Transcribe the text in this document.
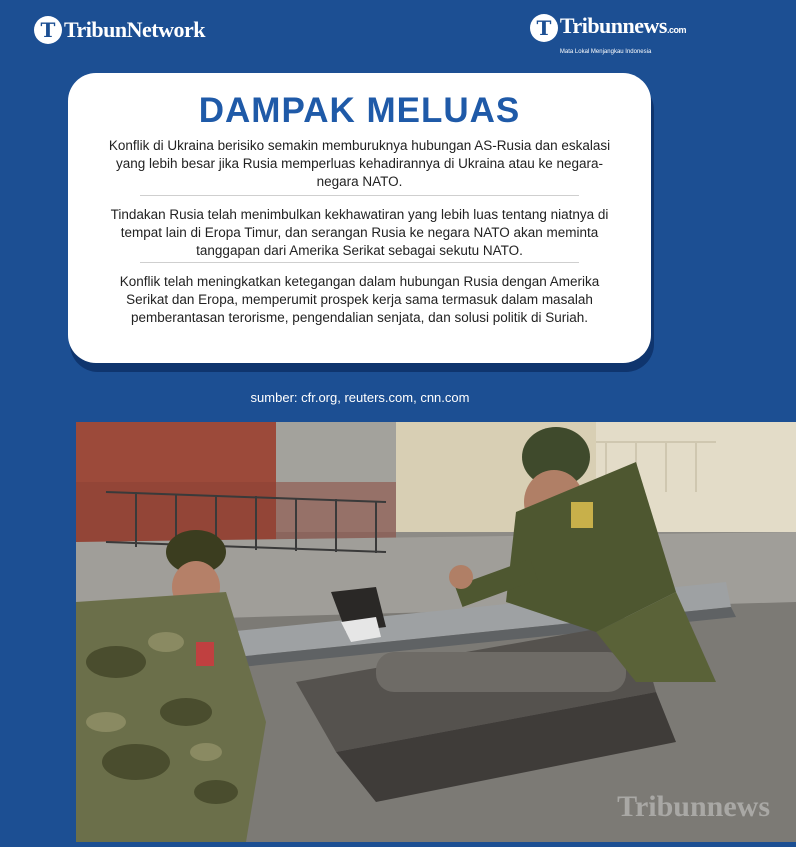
T TribunNetwork	T Tribunnews.com
Mata Lokal Menjangkau Indonesia
DAMPAK MELUAS

Konflik di Ukraina berisiko semakin memburuknya hubungan AS-Rusia dan eskalasi yang lebih besar jika Rusia memperluas kehadirannya di Ukraina atau ke negara-negara NATO.

Tindakan Rusia telah menimbulkan kekhawatiran yang lebih luas tentang niatnya di tempat lain di Eropa Timur, dan serangan Rusia ke negara NATO akan meminta tanggapan dari Amerika Serikat sebagai sekutu NATO.

Konflik telah meningkatkan ketegangan dalam hubungan Rusia dengan Amerika Serikat dan Eropa, memperumit prospek kerja sama termasuk dalam masalah pemberantasan terorisme, pengendalian senjata, dan solusi politik di Suriah.

sumber: cfr.org, reuters.com, cnn.com
Tribunnews
